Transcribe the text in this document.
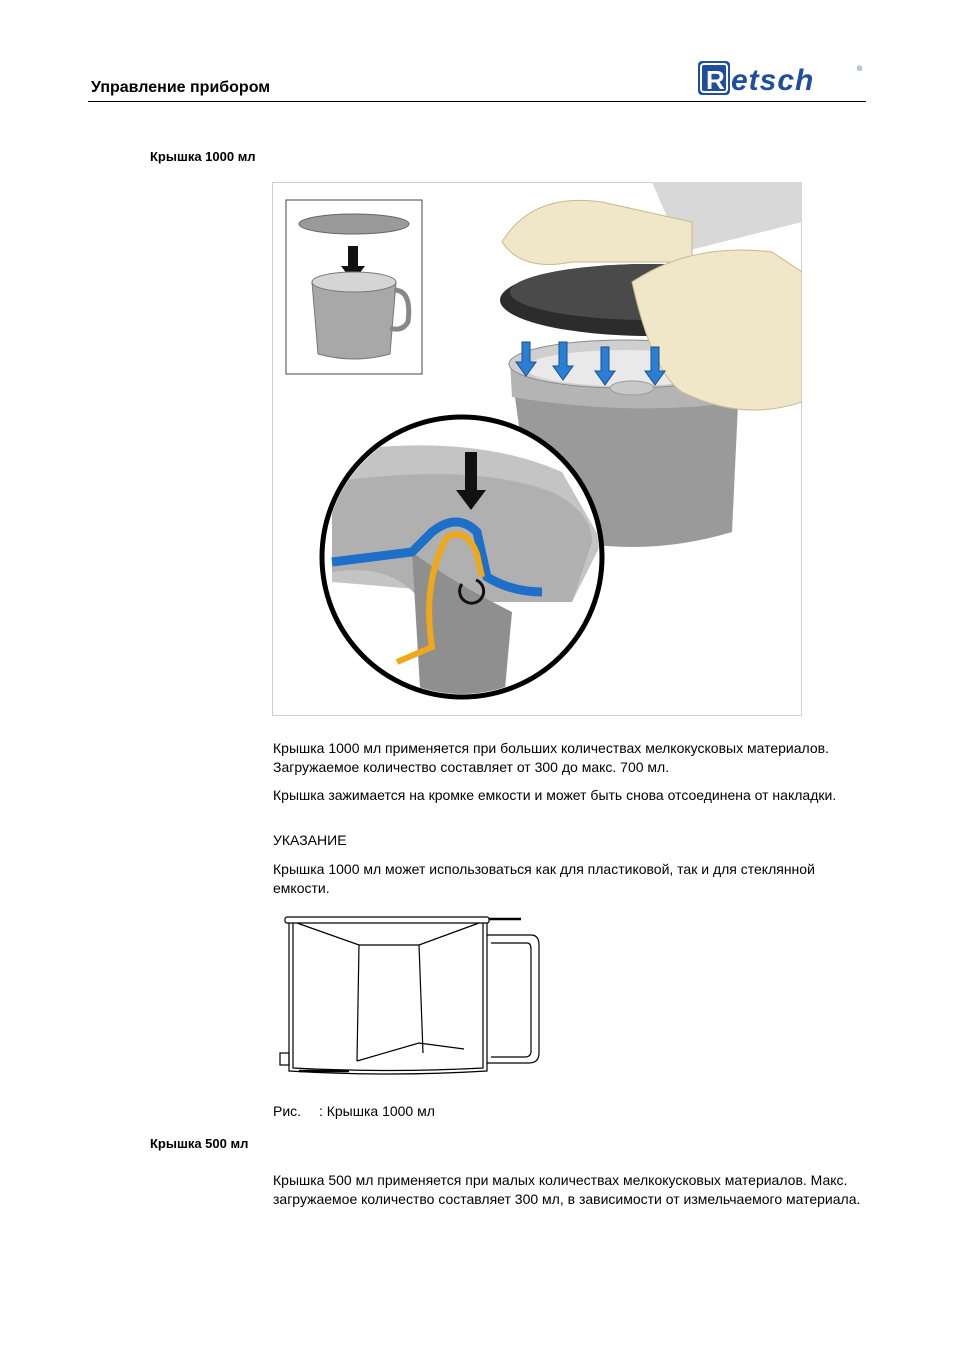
Управление прибором	R etsch	®
Крышка 1000 мл
Крышка 1000 мл применяется при больших количествах мелкокусковых материалов. Загружаемое количество составляет от 300 до макс. 700 мл.
Крышка зажимается на кромке емкости и может быть снова отсоединена от накладки.
УКАЗАНИЕ
Крышка 1000 мл может использоваться как для пластиковой, так и для стеклянной емкости.
Рис. : Крышка 1000 мл
Крышка 500 мл
Крышка 500 мл применяется при малых количествах мелкокусковых материалов. Макс. загружаемое количество составляет 300 мл, в зависимости от измельчаемого материала.
